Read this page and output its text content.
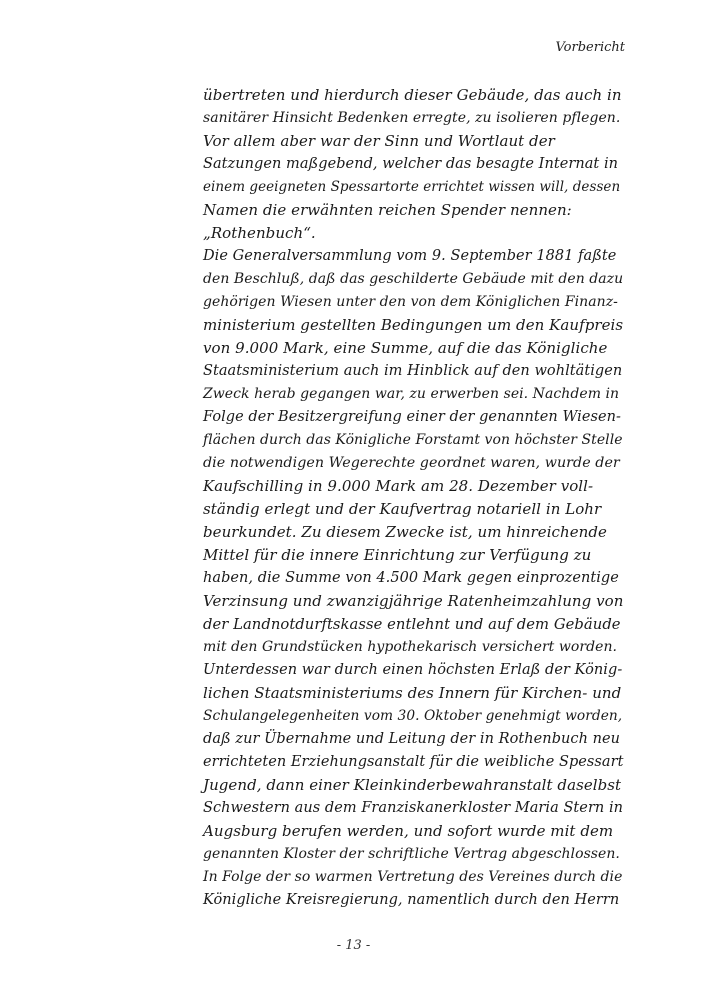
Vorbericht
übertreten und hierdurch dieser Gebäude, das auch in
sanitärer Hinsicht Bedenken erregte, zu isolieren pflegen.
Vor allem aber war der Sinn und Wortlaut der
Satzungen maßgebend, welcher das besagte Internat in
einem geeigneten Spessartorte errichtet wissen will, dessen
Namen die erwähnten reichen Spender nennen:
„Rothenbuch“.
Die Generalversammlung vom 9. September 1881 faßte
den Beschluß, daß das geschilderte Gebäude mit den dazu
gehörigen Wiesen unter den von dem Königlichen Finanz-
ministerium gestellten Bedingungen um den Kaufpreis
von 9.000 Mark, eine Summe, auf die das Königliche
Staatsministerium auch im Hinblick auf den wohltätigen
Zweck herab gegangen war, zu erwerben sei. Nachdem in
Folge der Besitzergreifung einer der genannten Wiesen-
flächen durch das Königliche Forstamt von höchster Stelle
die notwendigen Wegerechte geordnet waren, wurde der
Kaufschilling in 9.000 Mark am 28. Dezember voll-
ständig erlegt und der Kaufvertrag notariell in Lohr
beurkundet. Zu diesem Zwecke ist, um hinreichende
Mittel für die innere Einrichtung zur Verfügung zu
haben, die Summe von 4.500 Mark gegen einprozentige
Verzinsung und zwanzigjährige Ratenheimzahlung von
der Landnotdurftskasse entlehnt und auf dem Gebäude
mit den Grundstücken hypothekarisch versichert worden.
Unterdessen war durch einen höchsten Erlaß der König-
lichen Staatsministeriums des Innern für Kirchen- und
Schulangelegenheiten vom 30. Oktober genehmigt worden,
daß zur Übernahme und Leitung der in Rothenbuch neu
errichteten Erziehungsanstalt für die weibliche Spessart
Jugend, dann einer Kleinkinderbewahranstalt daselbst
Schwestern aus dem Franziskanerkloster Maria Stern in
Augsburg berufen werden, und sofort wurde mit dem
genannten Kloster der schriftliche Vertrag abgeschlossen.
In Folge der so warmen Vertretung des Vereines durch die
Königliche Kreisregierung, namentlich durch den Herrn
- 13 -
